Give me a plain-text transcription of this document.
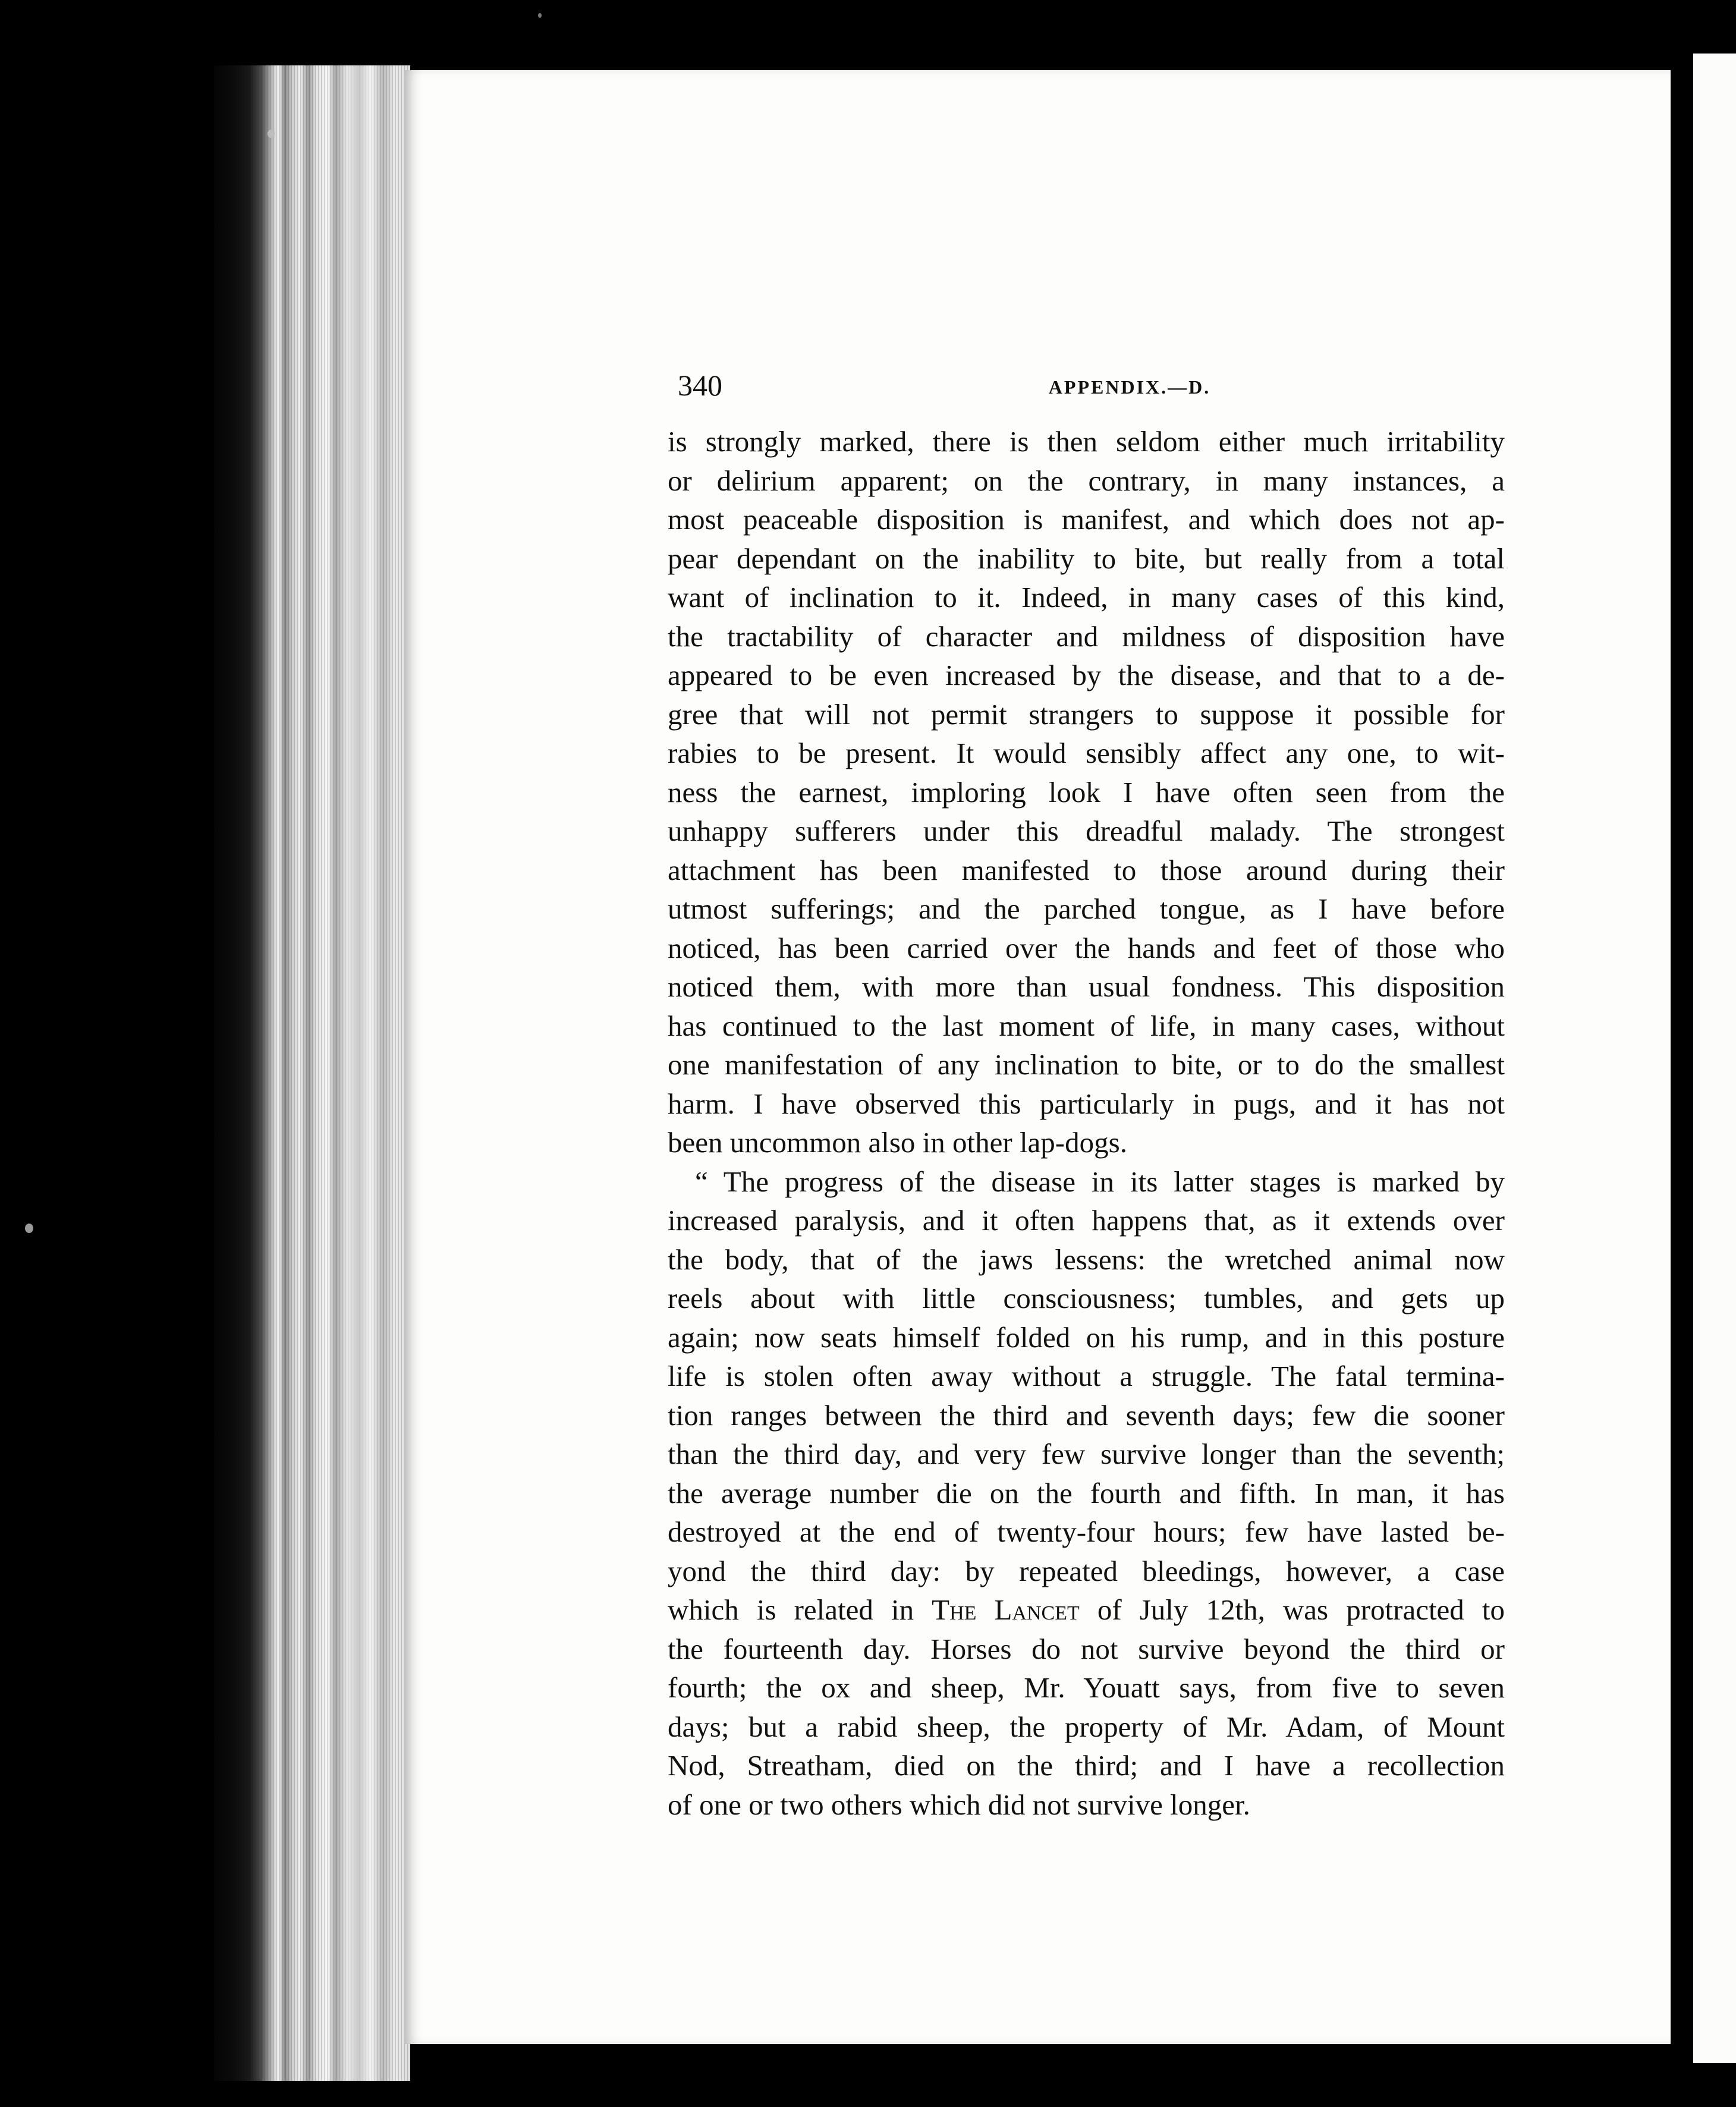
340	APPENDIX.—D.
is strongly marked, there is then seldom either much irritability
or delirium apparent; on the contrary, in many instances, a
most peaceable disposition is manifest, and which does not ap-
pear dependant on the inability to bite, but really from a total
want of inclination to it. Indeed, in many cases of this kind,
the tractability of character and mildness of disposition have
appeared to be even increased by the disease, and that to a de-
gree that will not permit strangers to suppose it possible for
rabies to be present. It would sensibly affect any one, to wit-
ness the earnest, imploring look I have often seen from the
unhappy sufferers under this dreadful malady. The strongest
attachment has been manifested to those around during their
utmost sufferings; and the parched tongue, as I have before
noticed, has been carried over the hands and feet of those who
noticed them, with more than usual fondness. This disposition
has continued to the last moment of life, in many cases, without
one manifestation of any inclination to bite, or to do the smallest
harm. I have observed this particularly in pugs, and it has not
been uncommon also in other lap-dogs.
“ The progress of the disease in its latter stages is marked by
increased paralysis, and it often happens that, as it extends over
the body, that of the jaws lessens: the wretched animal now
reels about with little consciousness; tumbles, and gets up
again; now seats himself folded on his rump, and in this posture
life is stolen often away without a struggle. The fatal termina-
tion ranges between the third and seventh days; few die sooner
than the third day, and very few survive longer than the seventh;
the average number die on the fourth and fifth. In man, it has
destroyed at the end of twenty-four hours; few have lasted be-
yond the third day: by repeated bleedings, however, a case
which is related in The Lancet of July 12th, was protracted to
the fourteenth day. Horses do not survive beyond the third or
fourth; the ox and sheep, Mr. Youatt says, from five to seven
days; but a rabid sheep, the property of Mr. Adam, of Mount
Nod, Streatham, died on the third; and I have a recollection
of one or two others which did not survive longer.
